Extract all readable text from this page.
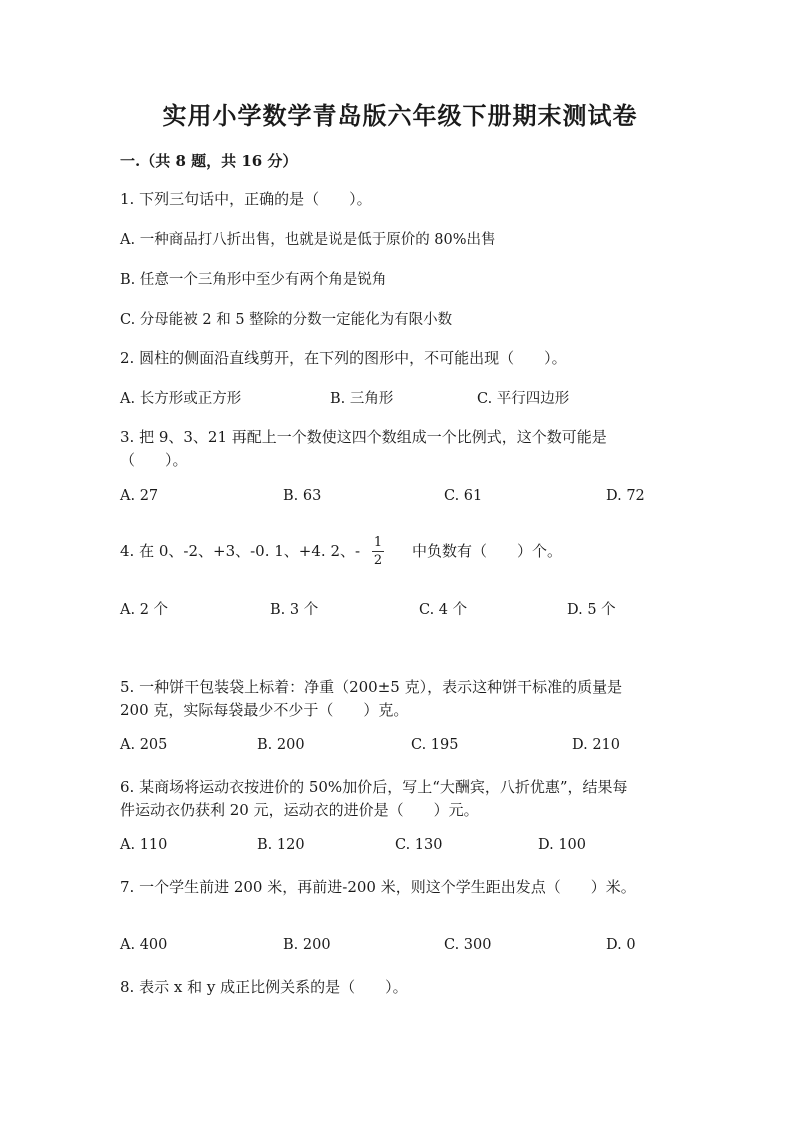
实用小学数学青岛版六年级下册期末测试卷
一.（共 8 题，共 16 分）
1. 下列三句话中，正确的是（　　）。
A. 一种商品打八折出售，也就是说是低于原价的 80%出售
B. 任意一个三角形中至少有两个角是锐角
C. 分母能被 2 和 5 整除的分数一定能化为有限小数
2. 圆柱的侧面沿直线剪开，在下列的图形中，不可能出现（　　）。
A. 长方形或正方形	B. 三角形	C. 平行四边形
3. 把 9、3、21 再配上一个数使这四个数组成一个比例式，这个数可能是
（　　）。
A. 27	B. 63	C. 61	D. 72
4. 在 0、-2、+3、-0. 1、+4. 2、- 1
2
中负数有（　　）个。
A. 2 个	B. 3 个	C. 4 个	D. 5 个
5. 一种饼干包装袋上标着：净重（200±5 克），表示这种饼干标准的质量是
200 克，实际每袋最少不少于（　　）克。
A. 205	B. 200	C. 195	D. 210
6. 某商场将运动衣按进价的 50%加价后，写上“大酬宾，八折优惠”，结果每
件运动衣仍获利 20 元，运动衣的进价是（　　）元。
A. 110	B. 120	C. 130	D. 100
7. 一个学生前进 200 米，再前进-200 米，则这个学生距出发点（　　）米。
A. 400	B. 200	C. 300	D. 0
8. 表示 x 和 y 成正比例关系的是（　　）。
